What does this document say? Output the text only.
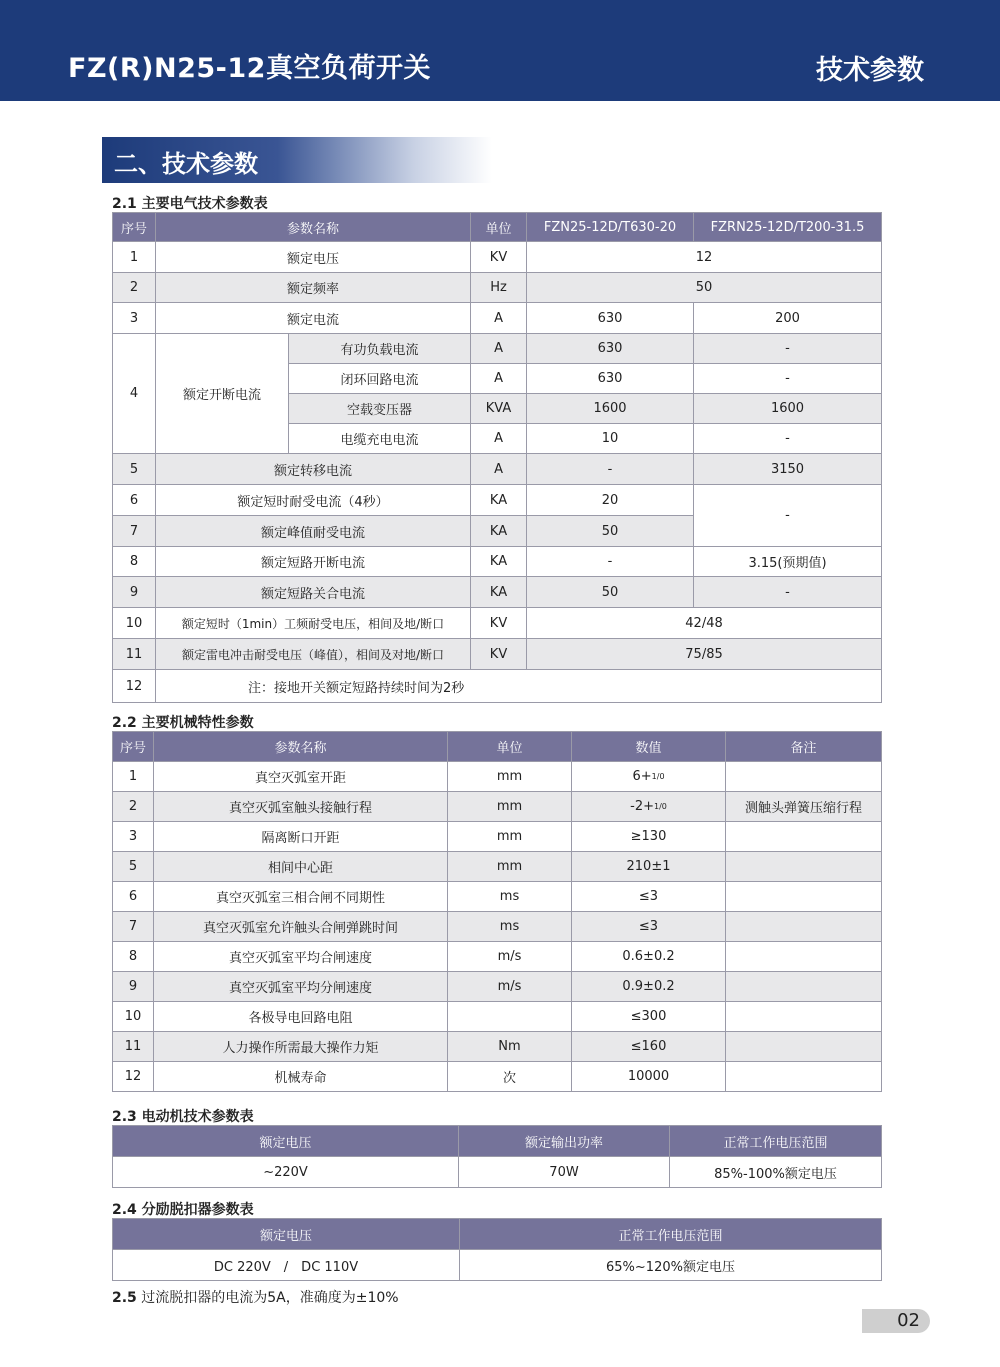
FZ(R)N25-12真空负荷开关	技术参数
二、技术参数
2.1 主要电气技术参数表
序号	参数名称		单位	FZN25-12D/T630-20	FZRN25-12D/T200-31.5
1	额定电压		KV	12	
2	额定频率		Hz	50	
3	额定电流		A	630	200
4	额定开断电流	有功负载电流	A	630	-
		闭环回路电流	A	630	-
		空载变压器	KVA	1600	1600
		电缆充电电流	A	10	-
5	额定转移电流		A	-	3150
6	额定短时耐受电流（4秒）		KA	20	-
7	额定峰值耐受电流		KA	50	
8	额定短路开断电流		KA	-	3.15(预期值)
9	额定短路关合电流		KA	50	-
10	额定短时（1min）工频耐受电压，相间及地/断口		KV	42/48	
11	额定雷电冲击耐受电压（峰值），相间及对地/断口		KV	75/85	
12	注：接地开关额定短路持续时间为2秒				
2.2 主要机械特性参数
序号	参数名称	单位	数值	备注
1	真空灭弧室开距	mm	6+1/0	
2	真空灭弧室触头接触行程	mm	-2+1/0	测触头弹簧压缩行程
3	隔离断口开距	mm	≥130	
5	相间中心距	mm	210±1	
6	真空灭弧室三相合闸不同期性	ms	≤3	
7	真空灭弧室允许触头合闸弹跳时间	ms	≤3	
8	真空灭弧室平均合闸速度	m/s	0.6±0.2	
9	真空灭弧室平均分闸速度	m/s	0.9±0.2	
10	各极导电回路电阻		≤300	
11	人力操作所需最大操作力矩	Nm	≤160	
12	机械寿命	次	10000	
2.3 电动机技术参数表
额定电压	额定输出功率	正常工作电压范围
~220V	70W	85%-100%额定电压
2.4 分励脱扣器参数表
额定电压	正常工作电压范围
DC 220V　/　DC 110V	65%~120%额定电压
2.5 过流脱扣器的电流为5A，准确度为±10%
02
